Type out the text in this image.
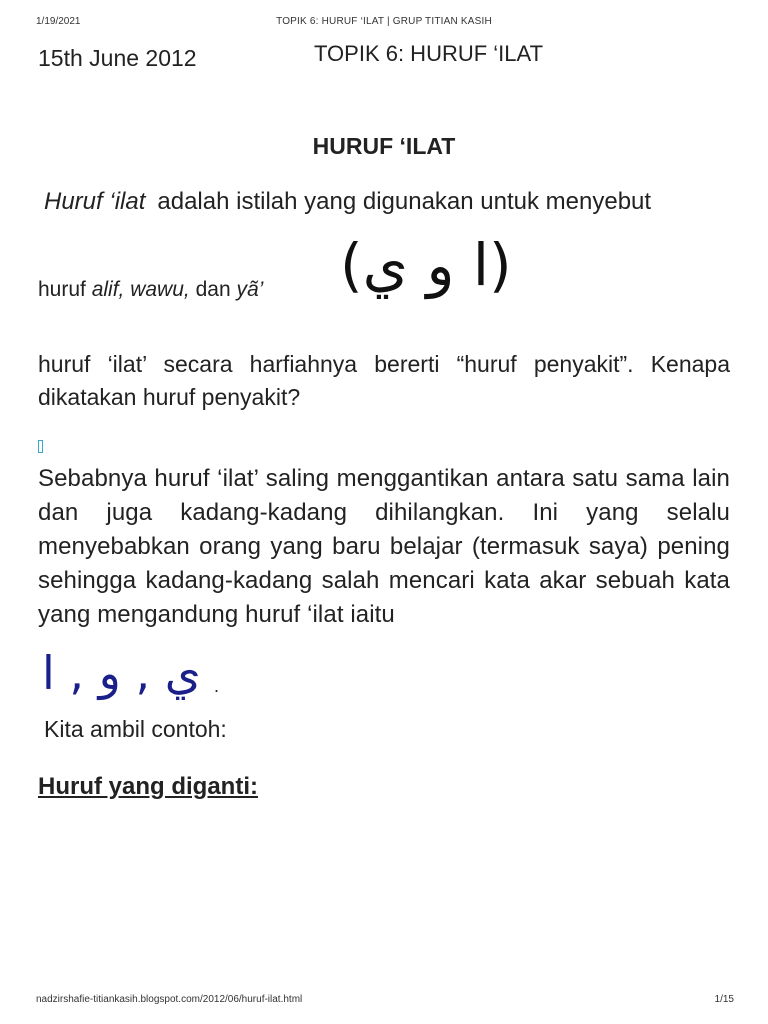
1/19/2021	TOPIK 6: HURUF ‘ILAT | GRUP TITIAN KASIH
15th June 2012	TOPIK 6: HURUF ‘ILAT
HURUF ‘ILAT
Huruf ‘ilat adalah istilah yang digunakan untuk menyebut
huruf alif, wawu, dan yã’ (ا و ي)
huruf ‘ilat’ secara harfiahnya bererti “huruf penyakit”. Kenapa dikatakan huruf penyakit?
Sebabnya huruf ‘ilat’ saling menggantikan antara satu sama lain dan juga kadang-kadang dihilangkan. Ini yang selalu menyebabkan orang yang baru belajar (termasuk saya) pening sehingga kadang-kadang salah mencari kata akar sebuah kata yang mengandung huruf ‘ilat iaitu
ي , و , ا .
Kita ambil contoh:
Huruf yang diganti:
nadzirshafie-titiankasih.blogspot.com/2012/06/huruf-ilat.html	1/15
